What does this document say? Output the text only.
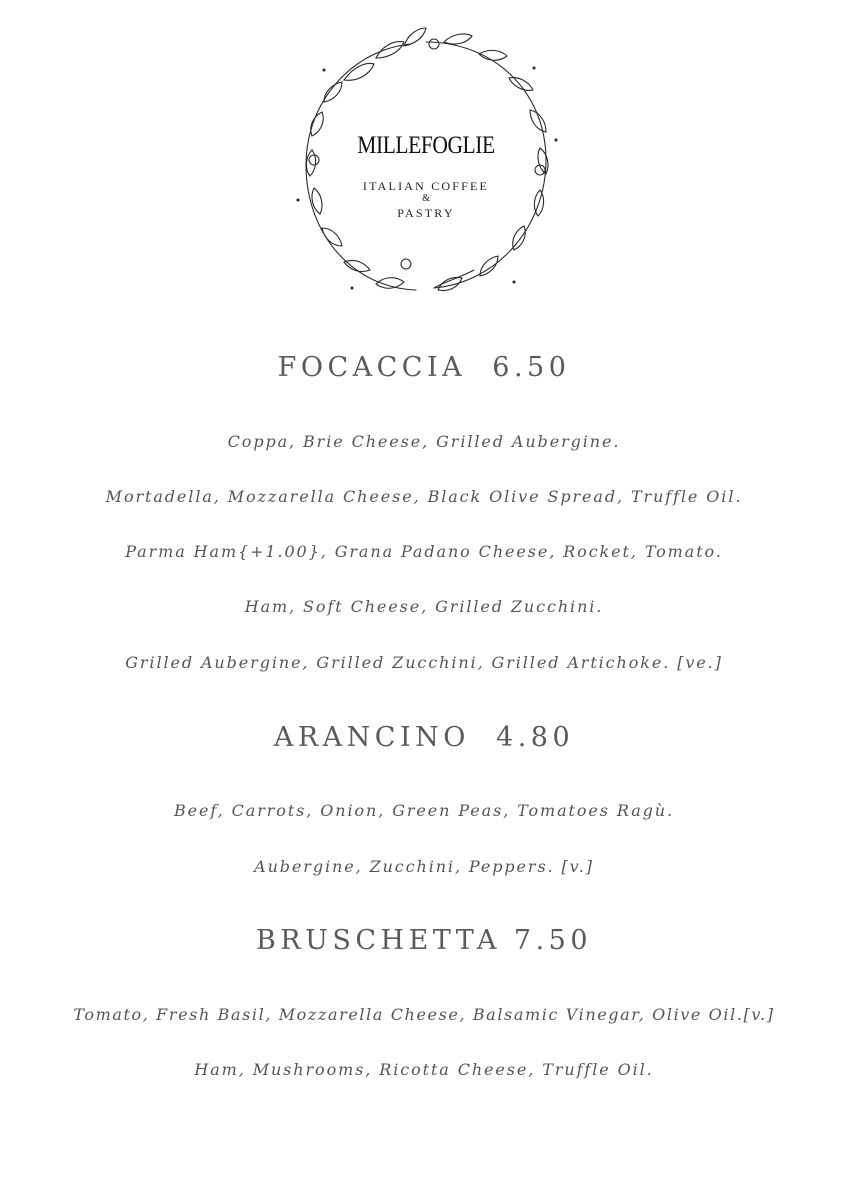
MILLEFOGLIE
ITALIAN COFFEE
&
PASTRY
FOCACCIA  6.50
Coppa, Brie Cheese, Grilled Aubergine.
Mortadella, Mozzarella Cheese, Black Olive Spread, Truffle Oil.
Parma Ham{+1.00}, Grana Padano Cheese, Rocket, Tomato.
Ham, Soft Cheese, Grilled Zucchini.
Grilled Aubergine, Grilled Zucchini, Grilled Artichoke. [ve.]
ARANCINO  4.80
Beef, Carrots, Onion, Green Peas, Tomatoes Ragù.
Aubergine, Zucchini, Peppers. [v.]
BRUSCHETTA 7.50
Tomato, Fresh Basil, Mozzarella Cheese, Balsamic Vinegar, Olive Oil.[v.]
Ham, Mushrooms, Ricotta Cheese, Truffle Oil.
